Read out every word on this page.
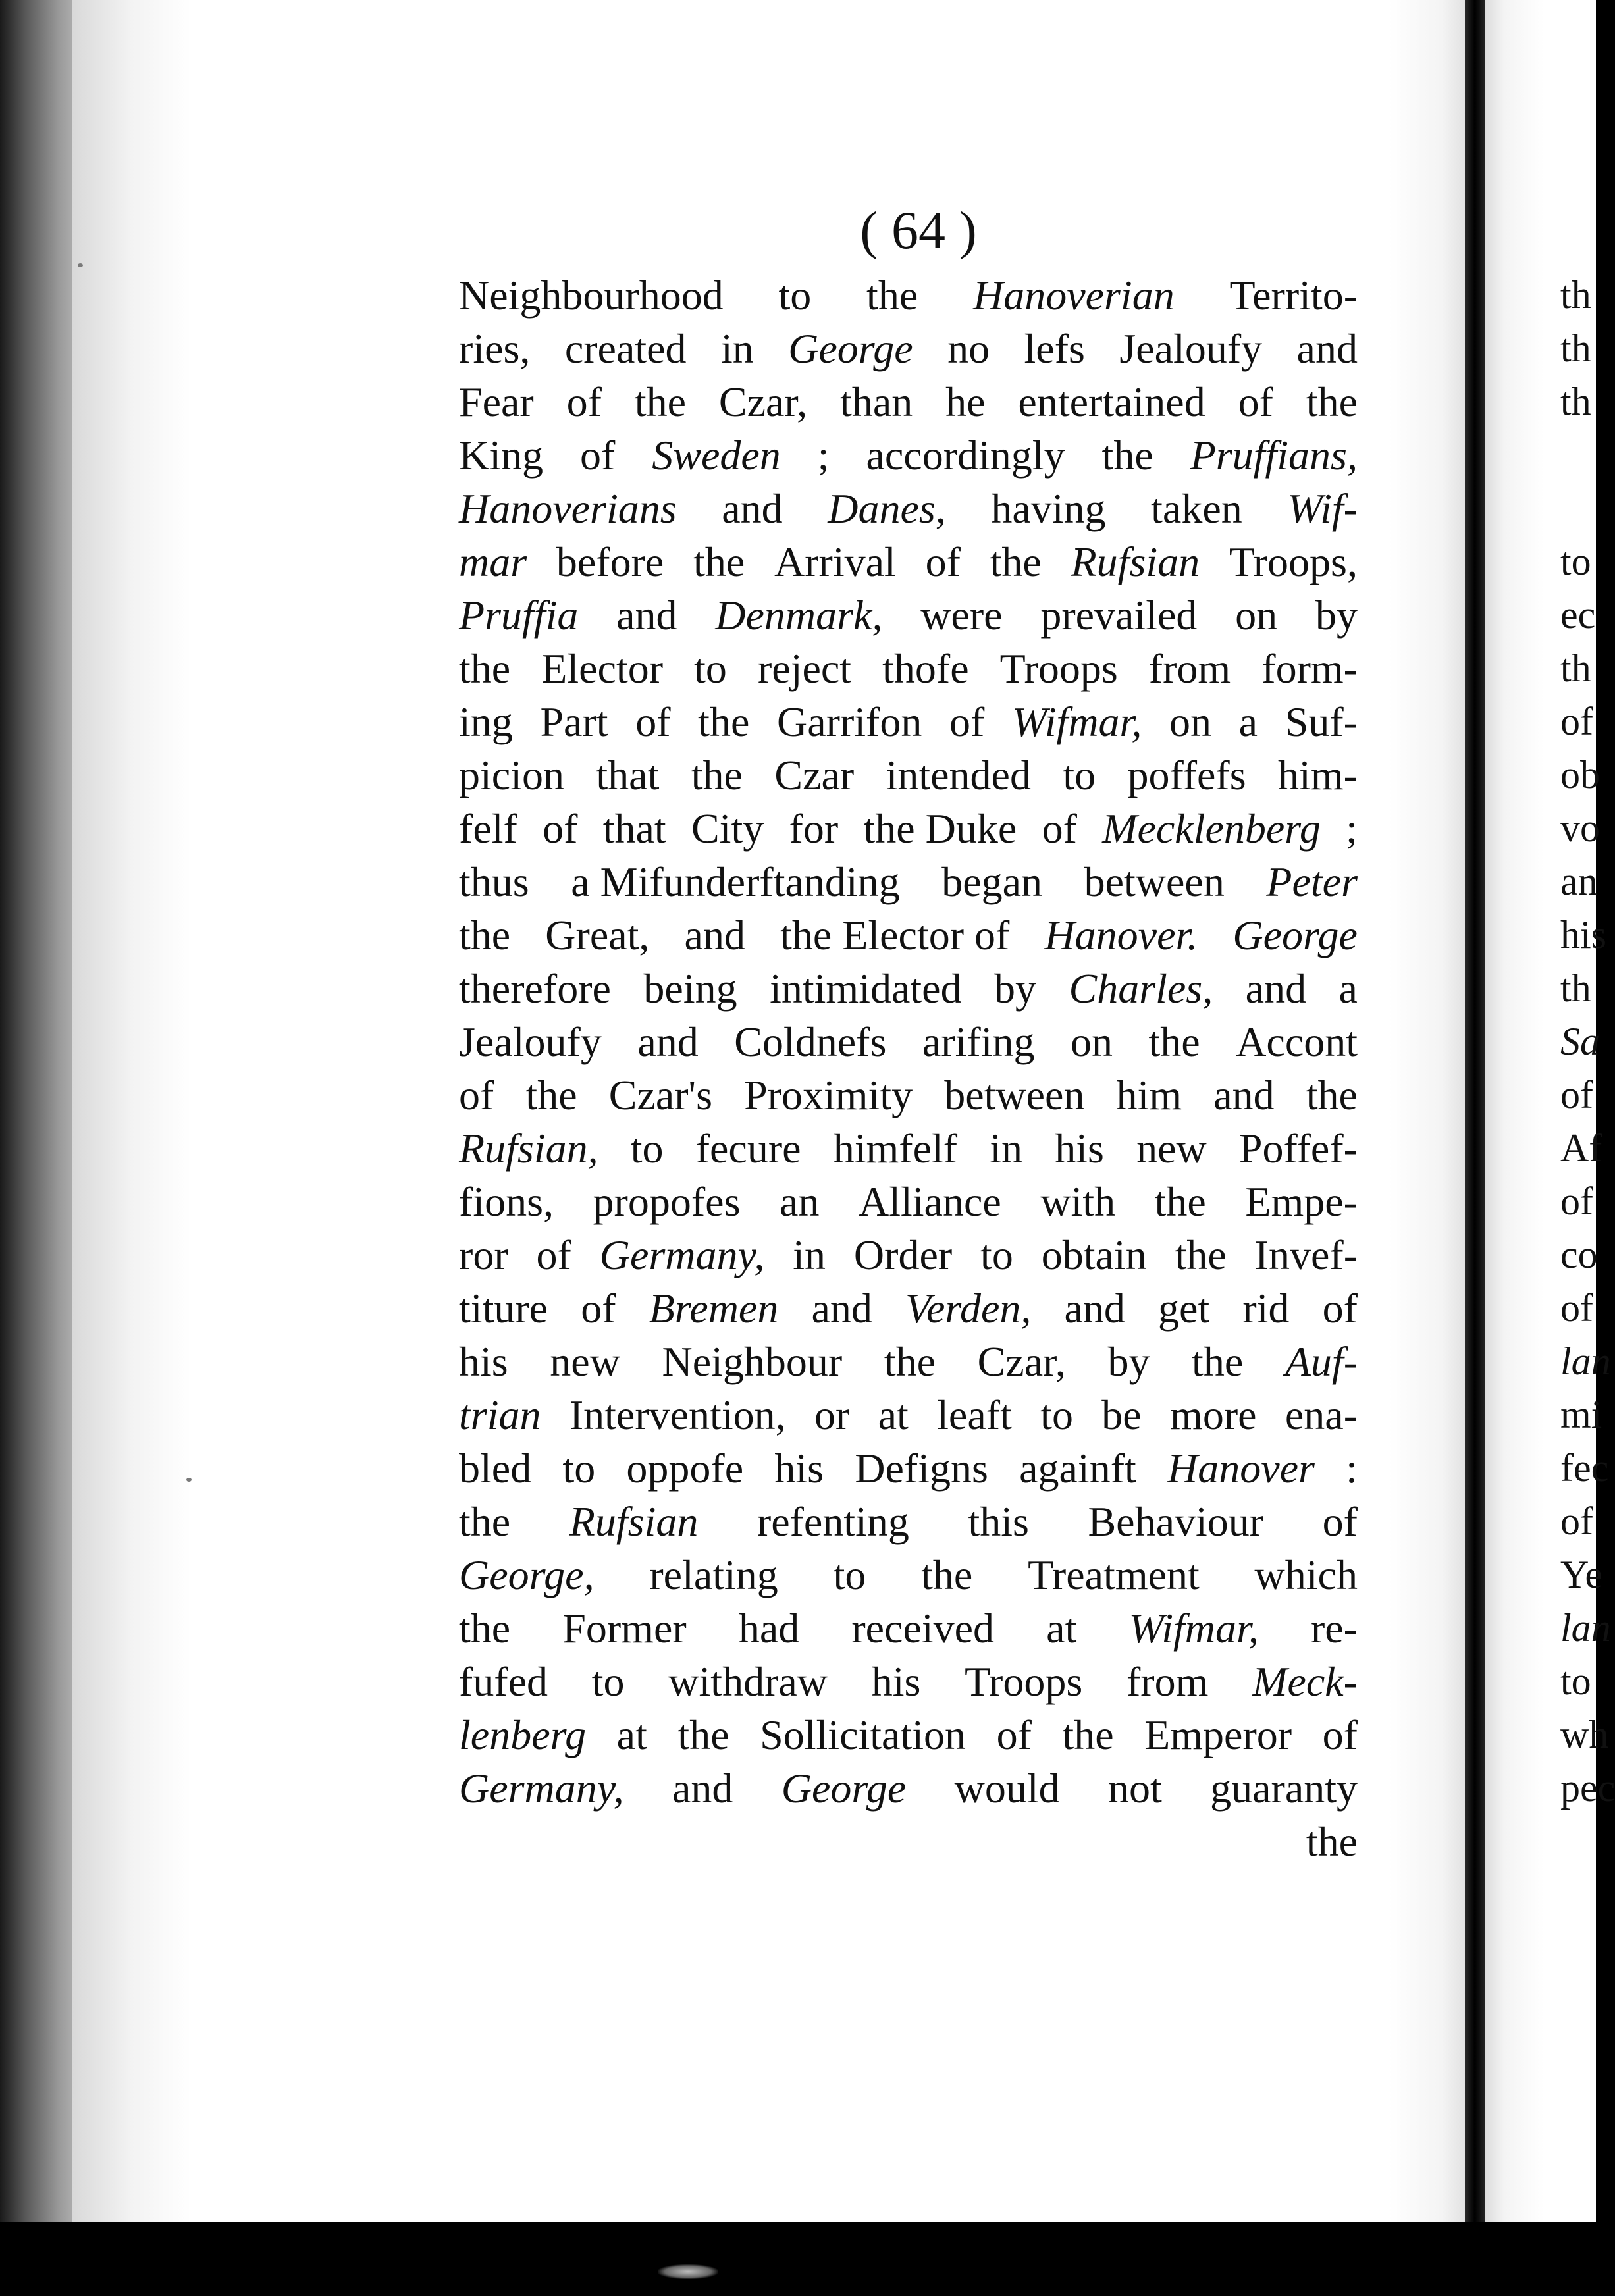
( 64 )
Neighbourhood to the Hanoverian Territo-
ries, created in George no lefs Jealoufy and
Fear of the Czar, than he entertained of the
King of Sweden ; accordingly the Pruffians,
Hanoverians and Danes, having taken Wif-
mar before the Arrival of the Rufsian Troops,
Pruffia and Denmark, were prevailed on by
the Elector to reject thofe Troops from form-
ing Part of the Garrifon of Wifmar, on a Suf-
picion that the Czar intended to poffefs him-
felf of that City for the Duke of Mecklenberg ;
thus a Mifunderftanding began between Peter
the Great, and the Elector of Hanover. George
therefore being intimidated by Charles, and a
Jealoufy and Coldnefs arifing on the Accont
of the Czar's Proximity between him and the
Rufsian, to fecure himfelf in his new Poffef-
fions, propofes an Alliance with the Empe-
ror of Germany, in Order to obtain the Invef-
titure of Bremen and Verden, and get rid of
his new Neighbour the Czar, by the Auf-
trian Intervention, or at leaft to be more ena-
bled to oppofe his Defigns againft Hanover :
the Rufsian refenting this Behaviour of
George, relating to the Treatment which
the Former had received at Wifmar, re-
fufed to withdraw his Troops from Meck-
lenberg at the Sollicitation of the Emperor of
Germany, and George would not guaranty
the
th
th
th
to
ec
th
of
ob
vo
an
his
th
Sa
of
Af
of
co
of
lan
mi
fec
of
Ye
lan
to
wh
pec
